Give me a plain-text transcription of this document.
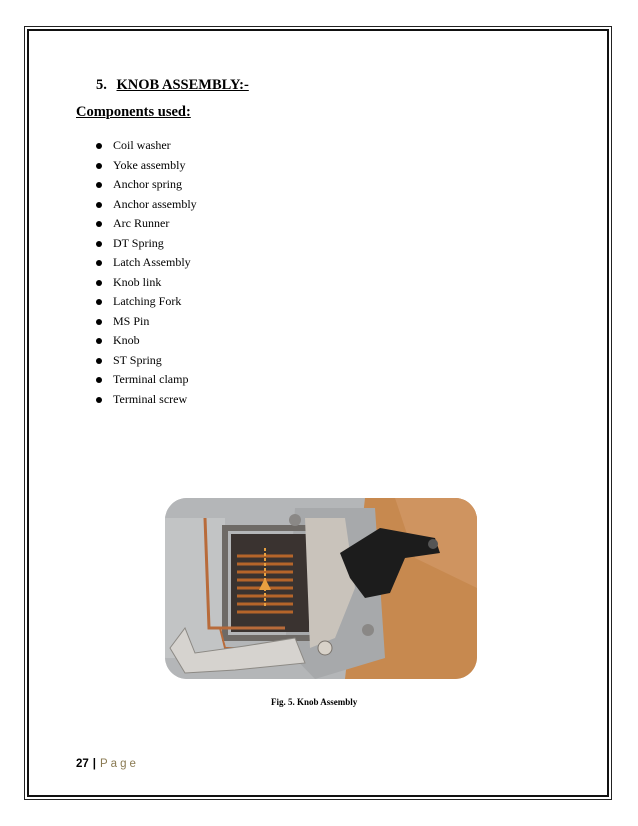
5. KNOB ASSEMBLY:-
Components used:
Coil washer
Yoke assembly
Anchor spring
Anchor assembly
Arc Runner
DT Spring
Latch Assembly
Knob link
Latching Fork
MS Pin
Knob
ST Spring
Terminal clamp
Terminal screw
Fig. 5. Knob Assembly
27 | Page
